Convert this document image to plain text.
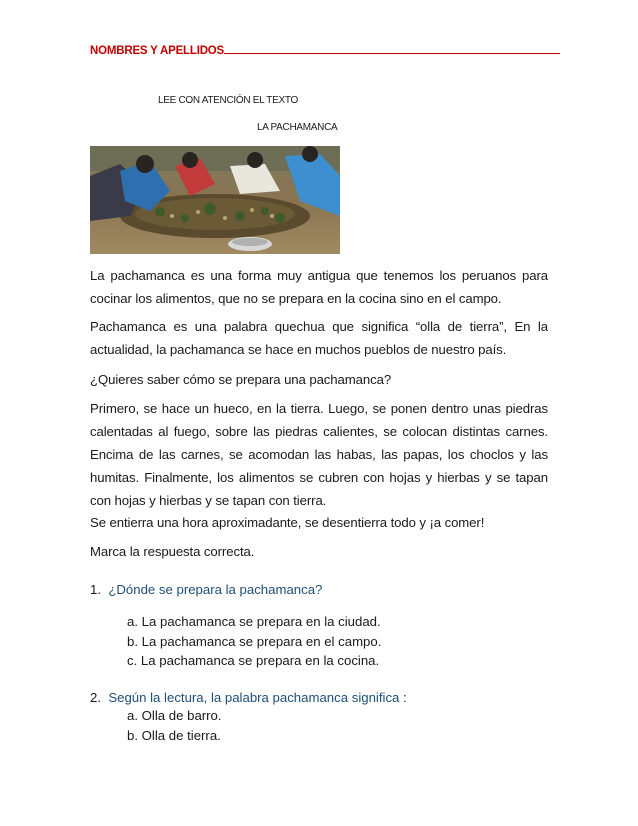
NOMBRES Y APELLIDOS
LEE CON ATENCIÓN EL TEXTO
LA PACHAMANCA
La pachamanca es una forma muy antigua que tenemos los peruanos para cocinar los alimentos, que no se prepara en la cocina sino en el campo.
Pachamanca es una palabra quechua que significa “olla de tierra”, En la actualidad, la pachamanca se hace en muchos pueblos de nuestro país.
¿Quieres saber cómo se prepara una pachamanca?
Primero, se hace un hueco, en la tierra. Luego, se ponen dentro unas piedras calentadas al fuego, sobre las piedras calientes, se colocan distintas carnes. Encima de las carnes, se acomodan las habas, las papas, los choclos y las humitas. Finalmente, los alimentos se cubren con hojas y hierbas y se tapan con hojas y hierbas y se tapan con tierra.
Se entierra una hora aproximadante, se desentierra todo y ¡a comer!
Marca la respuesta correcta.
1. ¿Dónde se prepara la pachamanca?
a. La pachamanca se prepara en la ciudad.
b. La pachamanca se prepara en el campo.
c. La pachamanca se prepara en la cocina.
2. Según la lectura, la palabra pachamanca significa :
a. Olla de barro.
b. Olla de tierra.
